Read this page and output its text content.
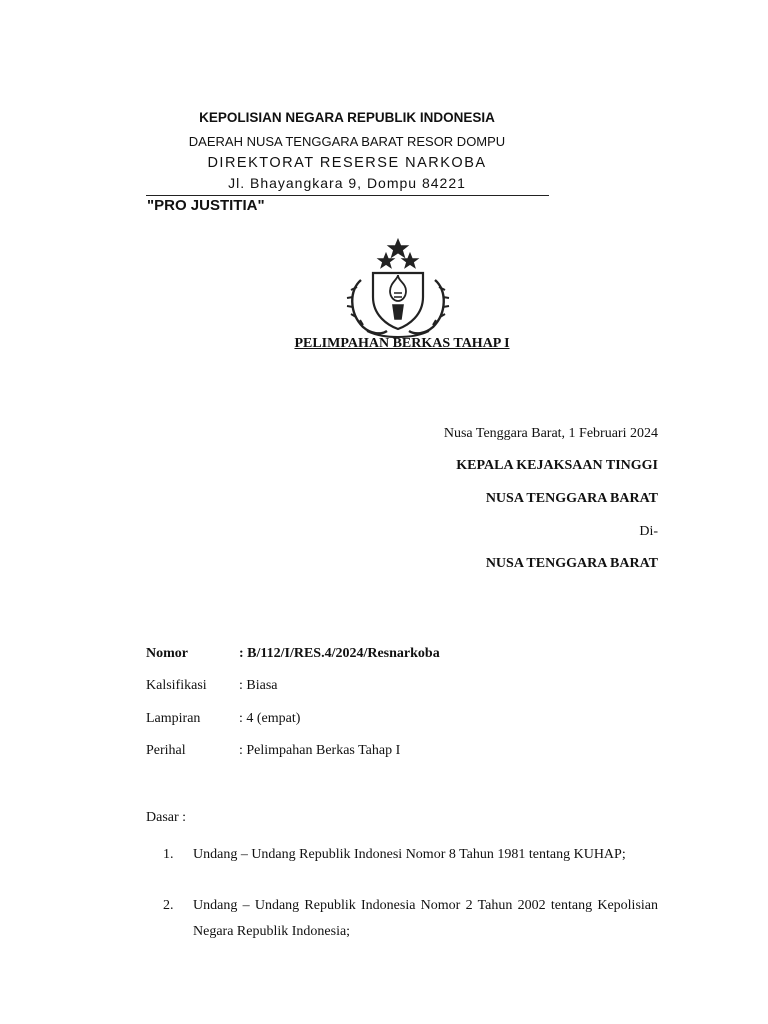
KEPOLISIAN NEGARA REPUBLIK INDONESIA
DAERAH NUSA TENGGARA BARAT RESOR DOMPU
DIREKTORAT RESERSE NARKOBA
Jl. Bhayangkara 9, Dompu 84221
"PRO JUSTITIA"
PELIMPAHAN BERKAS TAHAP I
Nusa Tenggara Barat, 1 Februari 2024
KEPALA KEJAKSAAN TINGGI
NUSA TENGGARA BARAT
Di-
NUSA TENGGARA BARAT
Nomor	: B/112/I/RES.4/2024/Resnarkoba
Kalsifikasi	: Biasa
Lampiran	: 4 (empat)
Perihal	: Pelimpahan Berkas Tahap I
Dasar :
1.	Undang – Undang Republik Indonesi Nomor 8 Tahun 1981 tentang KUHAP;
2.	Undang – Undang Republik Indonesia Nomor 2 Tahun 2002 tentang Kepolisian Negara Republik Indonesia;
